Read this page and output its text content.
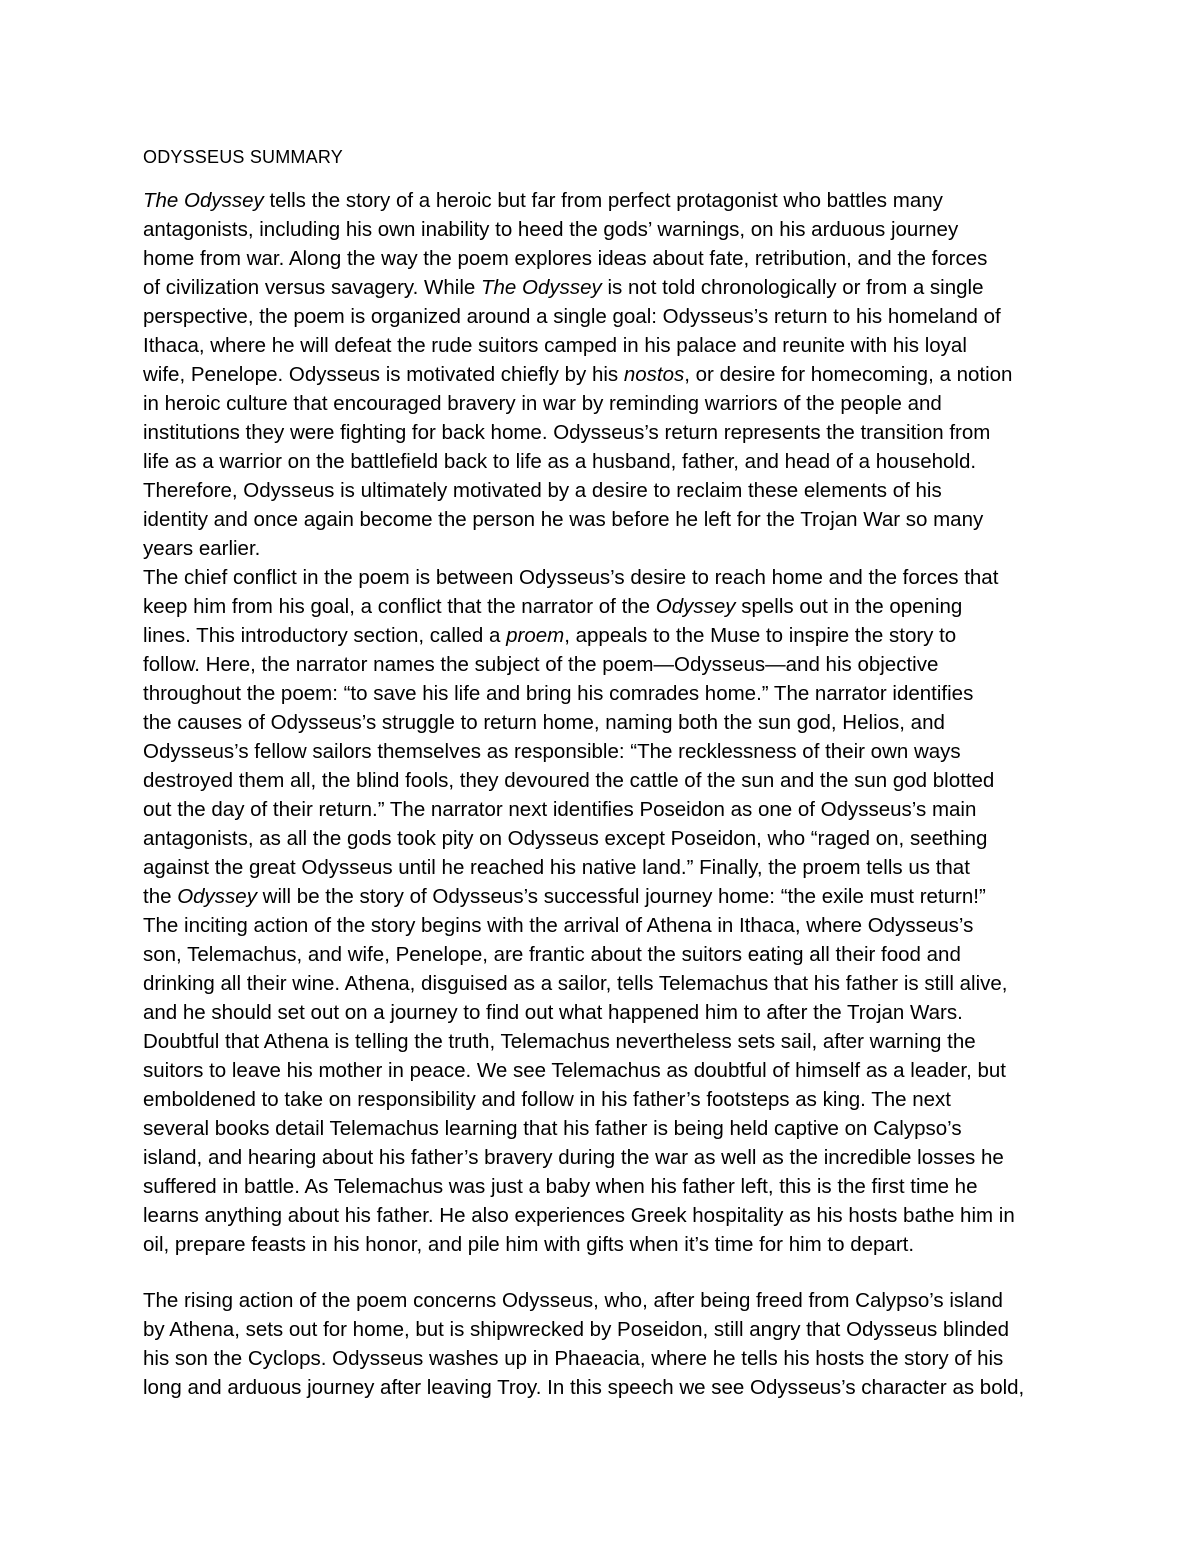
ODYSSEUS SUMMARY
The Odyssey tells the story of a heroic but far from perfect protagonist who battles many
antagonists, including his own inability to heed the gods’ warnings, on his arduous journey
home from war. Along the way the poem explores ideas about fate, retribution, and the forces
of civilization versus savagery. While The Odyssey is not told chronologically or from a single
perspective, the poem is organized around a single goal: Odysseus’s return to his homeland of
Ithaca, where he will defeat the rude suitors camped in his palace and reunite with his loyal
wife, Penelope. Odysseus is motivated chiefly by his nostos, or desire for homecoming, a notion
in heroic culture that encouraged bravery in war by reminding warriors of the people and
institutions they were fighting for back home. Odysseus’s return represents the transition from
life as a warrior on the battlefield back to life as a husband, father, and head of a household.
Therefore, Odysseus is ultimately motivated by a desire to reclaim these elements of his
identity and once again become the person he was before he left for the Trojan War so many
years earlier.
The chief conflict in the poem is between Odysseus’s desire to reach home and the forces that
keep him from his goal, a conflict that the narrator of the Odyssey spells out in the opening
lines. This introductory section, called a proem, appeals to the Muse to inspire the story to
follow. Here, the narrator names the subject of the poem—Odysseus—and his objective
throughout the poem: “to save his life and bring his comrades home.” The narrator identifies
the causes of Odysseus’s struggle to return home, naming both the sun god, Helios, and
Odysseus’s fellow sailors themselves as responsible: “The recklessness of their own ways
destroyed them all, the blind fools, they devoured the cattle of the sun and the sun god blotted
out the day of their return.” The narrator next identifies Poseidon as one of Odysseus’s main
antagonists, as all the gods took pity on Odysseus except Poseidon, who “raged on, seething
against the great Odysseus until he reached his native land.” Finally, the proem tells us that
the Odyssey will be the story of Odysseus’s successful journey home: “the exile must return!”
The inciting action of the story begins with the arrival of Athena in Ithaca, where Odysseus’s
son, Telemachus, and wife, Penelope, are frantic about the suitors eating all their food and
drinking all their wine. Athena, disguised as a sailor, tells Telemachus that his father is still alive,
and he should set out on a journey to find out what happened him to after the Trojan Wars.
Doubtful that Athena is telling the truth, Telemachus nevertheless sets sail, after warning the
suitors to leave his mother in peace. We see Telemachus as doubtful of himself as a leader, but
emboldened to take on responsibility and follow in his father’s footsteps as king. The next
several books detail Telemachus learning that his father is being held captive on Calypso’s
island, and hearing about his father’s bravery during the war as well as the incredible losses he
suffered in battle. As Telemachus was just a baby when his father left, this is the first time he
learns anything about his father. He also experiences Greek hospitality as his hosts bathe him in
oil, prepare feasts in his honor, and pile him with gifts when it’s time for him to depart.
The rising action of the poem concerns Odysseus, who, after being freed from Calypso’s island
by Athena, sets out for home, but is shipwrecked by Poseidon, still angry that Odysseus blinded
his son the Cyclops. Odysseus washes up in Phaeacia, where he tells his hosts the story of his
long and arduous journey after leaving Troy. In this speech we see Odysseus’s character as bold,
